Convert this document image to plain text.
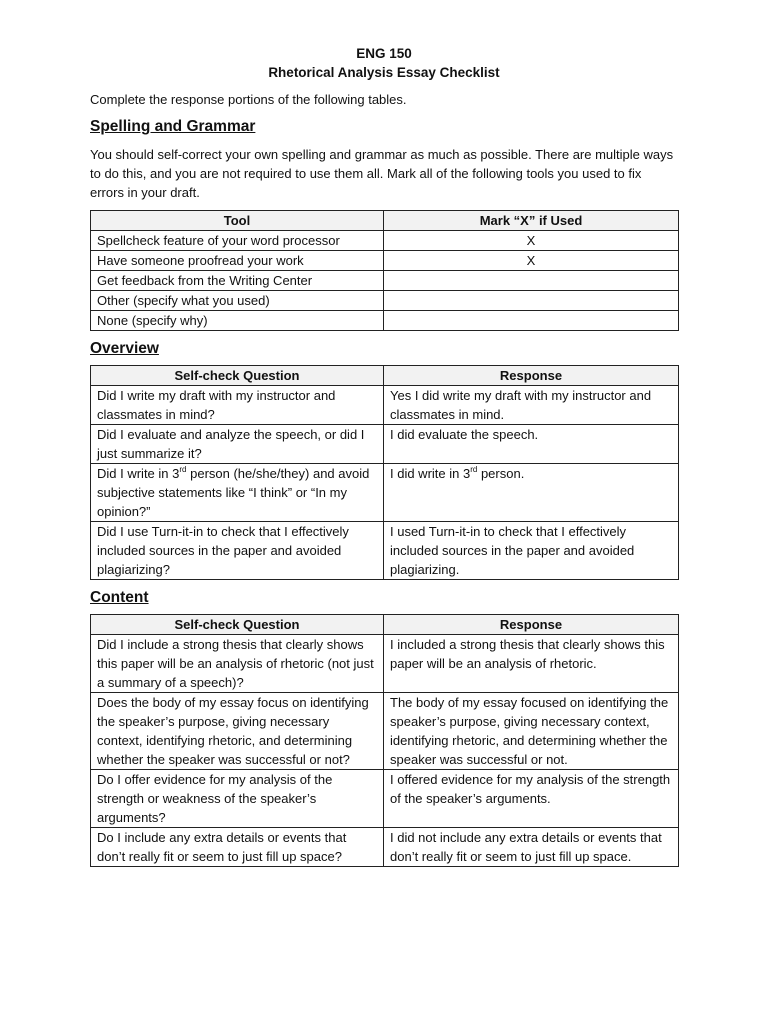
ENG 150
Rhetorical Analysis Essay Checklist
Complete the response portions of the following tables.
Spelling and Grammar
You should self-correct your own spelling and grammar as much as possible. There are multiple ways to do this, and you are not required to use them all. Mark all of the following tools you used to fix errors in your draft.
Tool	Mark “X” if Used
Spellcheck feature of your word processor	X
Have someone proofread your work	X
Get feedback from the Writing Center	
Other (specify what you used)	
None (specify why)	
Overview
Self-check Question	Response
Did I write my draft with my instructor and classmates in mind?	Yes I did write my draft with my instructor and classmates in mind.
Did I evaluate and analyze the speech, or did I just summarize it?	I did evaluate the speech.
Did I write in 3rd person (he/she/they) and avoid subjective statements like “I think” or “In my opinion?”	I did write in 3rd person.
Did I use Turn-it-in to check that I effectively included sources in the paper and avoided plagiarizing?	I used Turn-it-in to check that I effectively included sources in the paper and avoided plagiarizing.
Content
Self-check Question	Response
Did I include a strong thesis that clearly shows this paper will be an analysis of rhetoric (not just a summary of a speech)?	I included a strong thesis that clearly shows this paper will be an analysis of rhetoric.
Does the body of my essay focus on identifying the speaker’s purpose, giving necessary context, identifying rhetoric, and determining whether the speaker was successful or not?	The body of my essay focused on identifying the speaker’s purpose, giving necessary context, identifying rhetoric, and determining whether the speaker was successful or not.
Do I offer evidence for my analysis of the strength or weakness of the speaker’s arguments?	I offered evidence for my analysis of the strength of the speaker’s arguments.
Do I include any extra details or events that don’t really fit or seem to just fill up space?	I did not include any extra details or events that don’t really fit or seem to just fill up space.
